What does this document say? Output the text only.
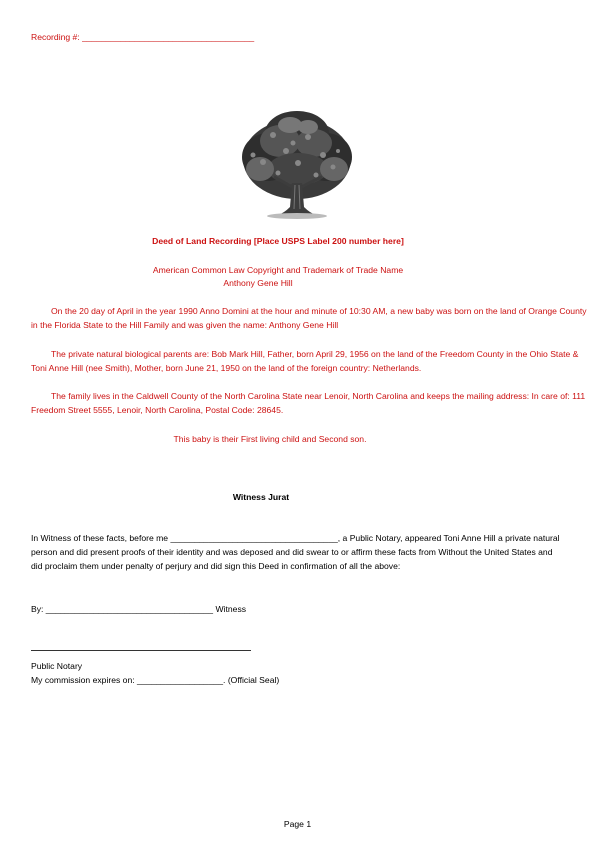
Recording #: ____________________________________
Deed of Land Recording [Place USPS Label 200 number here]
American Common Law Copyright and Trademark of Trade Name
Anthony Gene Hill
On the 20 day of April in the year 1990 Anno Domini at the hour and minute of 10:30 AM, a new baby was born on the land of Orange County in the Florida State to the Hill Family and was given the name: Anthony Gene Hill
The private natural biological parents are: Bob Mark Hill, Father, born April 29, 1956 on the land of the Freedom County in the Ohio State & Toni Anne Hill (nee Smith), Mother, born June 21, 1950 on the land of the foreign country: Netherlands.
The family lives in the Caldwell County of the North Carolina State near Lenoir, North Carolina and keeps the mailing address: In care of: 111 Freedom Street 5555, Lenoir, North Carolina, Postal Code: 28645.
This baby is their First living child and Second son.
Witness Jurat
In Witness of these facts, before me ___________________________________, a Public Notary, appeared Toni Anne Hill a private natural person and did present proofs of their identity and was deposed and did swear to or affirm these facts from Without the United States and did proclaim them under penalty of perjury and did sign this Deed in confirmation of all the above:
By: ___________________________________ Witness
Public Notary
My commission expires on: __________________. (Official Seal)
Page 1
